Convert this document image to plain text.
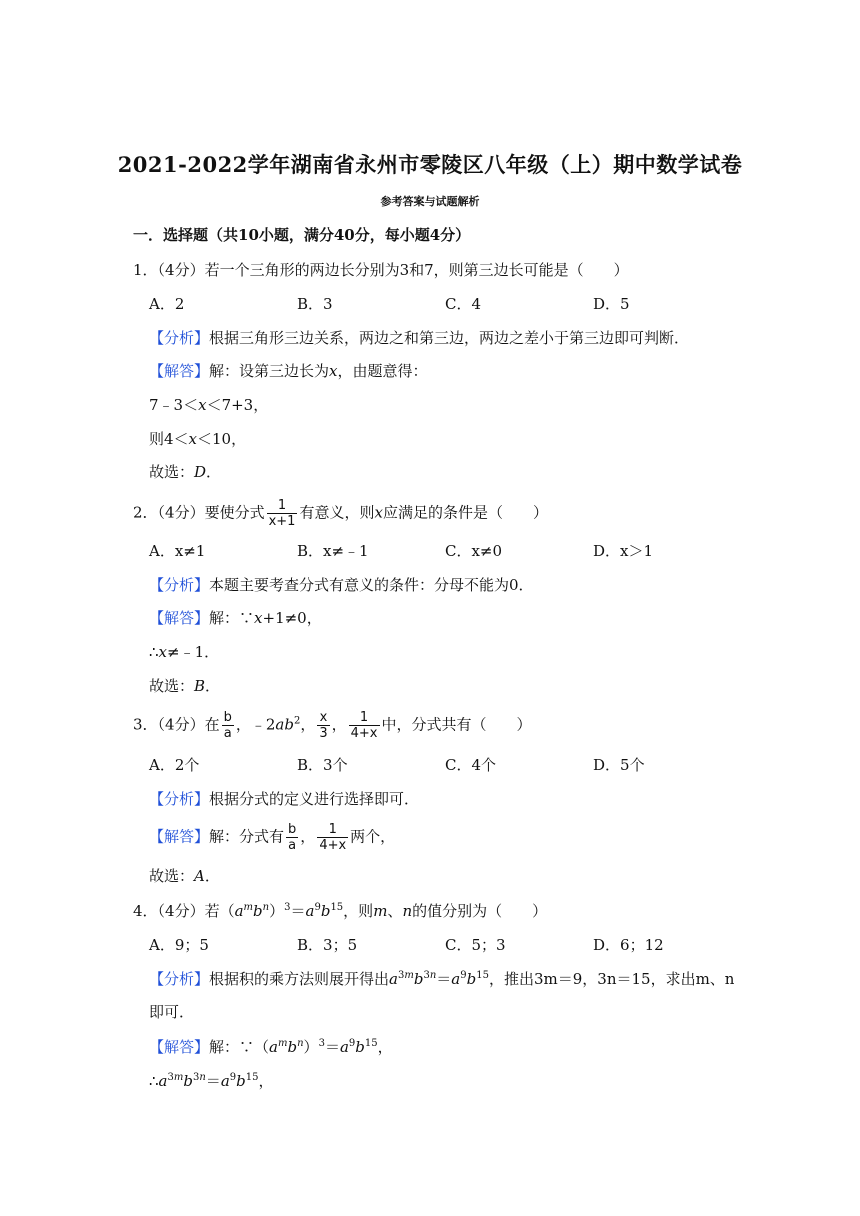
2021-2022学年湖南省永州市零陵区八年级（上）期中数学试卷
参考答案与试题解析
一．选择题（共10小题，满分40分，每小题4分）
1．（4分）若一个三角形的两边长分别为3和7，则第三边长可能是（　　）
A．2	B．3	C．4	D．5
【分析】根据三角形三边关系，两边之和第三边，两边之差小于第三边即可判断．
【解答】解：设第三边长为x，由题意得：
7﹣3＜x＜7+3，
则4＜x＜10，
故选：D．
2．（4分）要使分式 $\frac{1}{x+1}$ 有意义，则x应满足的条件是（　　）
A．x≠1	B．x≠﹣1	C．x≠0	D．x＞1
【分析】本题主要考查分式有意义的条件：分母不能为0．
【解答】解：∵x+1≠0，
∴x≠﹣1．
故选：B．
3．（4分）在 $\frac{b}{a}$ ，$﹣2ab^2$， $\frac{x}{3}$ ， $\frac{1}{4+x}$ 中，分式共有（　　）
A．2个	B．3个	C．4个	D．5个
【分析】根据分式的定义进行选择即可．
【解答】解：分式有 $\frac{b}{a}$ ， $\frac{1}{4+x}$ 两个，
故选：A．
4．（4分）若$(a^mb^n)^3=a^9b^{15}$，则m、n的值分别为（　　）
A．9；5	B．3；5	C．5；3	D．6；12
【分析】根据积的乘方法则展开得出$a^{3m}b^{3n}=a^9b^{15}$，推出3m＝9，3n＝15，求出m、n
即可．
【解答】解：$\because(a^mb^n)^3=a^9b^{15}$，
$\therefore a^{3m}b^{3n}=a^9b^{15}$，
